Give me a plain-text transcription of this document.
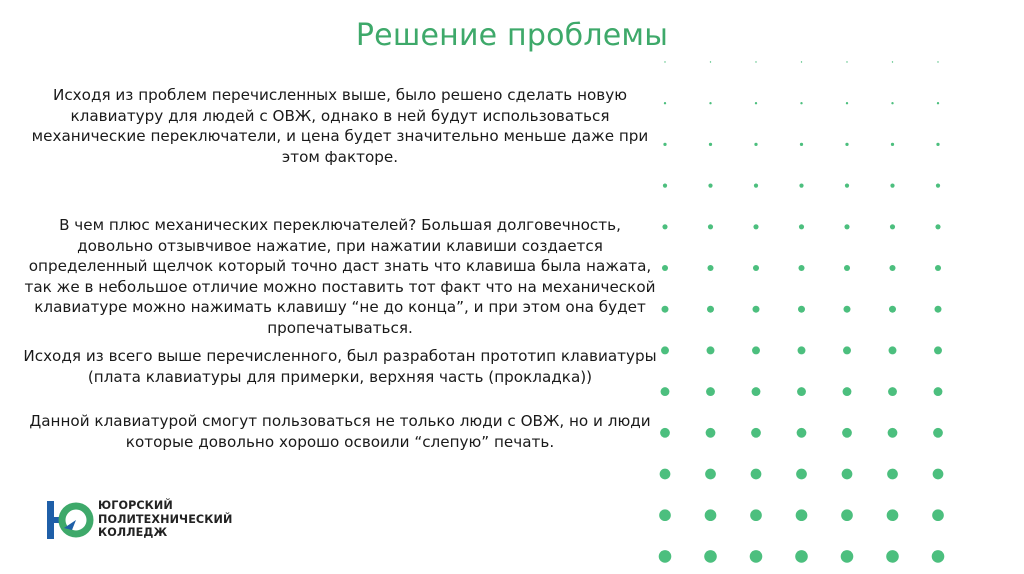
Решение проблемы
Исходя из проблем перечисленных выше, было решено сделать новую клавиатуру для людей с ОВЖ, однако в ней будут использоваться механические переключатели, и цена будет значительно меньше даже при этом факторе.
В чем плюс механических переключателей? Большая долговечность, довольно отзывчивое нажатие, при нажатии клавиши создается определенный щелчок который точно даст знать что клавиша была нажата, так же в небольшое отличие можно поставить тот факт что на механической клавиатуре можно нажимать клавишу “не до конца”, и при этом она будет пропечатываться.
Исходя из всего выше перечисленного, был разработан прототип клавиатуры (плата клавиатуры для примерки, верхняя часть (прокладка))
Данной клавиатурой смогут пользоваться не только люди с ОВЖ, но и люди которые довольно хорошо освоили “слепую” печать.
ЮГОРСКИЙ
ПОЛИТЕХНИЧЕСКИЙ
КОЛЛЕДЖ
